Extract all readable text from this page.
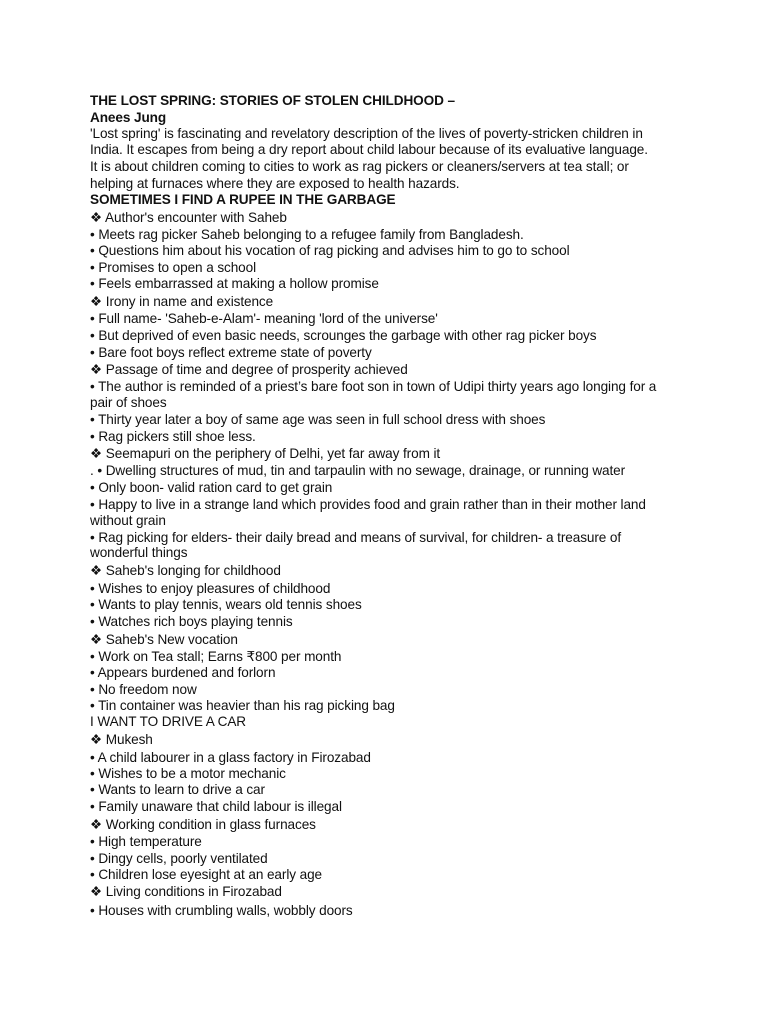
THE LOST SPRING: STORIES OF STOLEN CHILDHOOD –
Anees Jung
'Lost spring' is fascinating and revelatory description of the lives of poverty-stricken children in
India. It escapes from being a dry report about child labour because of its evaluative language.
It is about children coming to cities to work as rag pickers or cleaners/servers at tea stall; or
helping at furnaces where they are exposed to health hazards.
SOMETIMES I FIND A RUPEE IN THE GARBAGE
❖ Author's encounter with Saheb
• Meets rag picker Saheb belonging to a refugee family from Bangladesh.
• Questions him about his vocation of rag picking and advises him to go to school
• Promises to open a school
• Feels embarrassed at making a hollow promise
❖ Irony in name and existence
• Full name- 'Saheb-e-Alam'- meaning 'lord of the universe'
• But deprived of even basic needs, scrounges the garbage with other rag picker boys
• Bare foot boys reflect extreme state of poverty
❖ Passage of time and degree of prosperity achieved
• The author is reminded of a priest’s bare foot son in town of Udipi thirty years ago longing for a
pair of shoes
• Thirty year later a boy of same age was seen in full school dress with shoes
• Rag pickers still shoe less.
❖ Seemapuri on the periphery of Delhi, yet far away from it
. • Dwelling structures of mud, tin and tarpaulin with no sewage, drainage, or running water
• Only boon- valid ration card to get grain
• Happy to live in a strange land which provides food and grain rather than in their mother land
without grain
• Rag picking for elders- their daily bread and means of survival, for children- a treasure of
wonderful things
❖ Saheb's longing for childhood
• Wishes to enjoy pleasures of childhood
• Wants to play tennis, wears old tennis shoes
• Watches rich boys playing tennis
❖ Saheb's New vocation
• Work on Tea stall; Earns ₹800 per month
• Appears burdened and forlorn
• No freedom now
• Tin container was heavier than his rag picking bag
I WANT TO DRIVE A CAR
❖ Mukesh
• A child labourer in a glass factory in Firozabad
• Wishes to be a motor mechanic
• Wants to learn to drive a car
• Family unaware that child labour is illegal
❖ Working condition in glass furnaces
• High temperature
• Dingy cells, poorly ventilated
• Children lose eyesight at an early age
❖ Living conditions in Firozabad
• Houses with crumbling walls, wobbly doors
